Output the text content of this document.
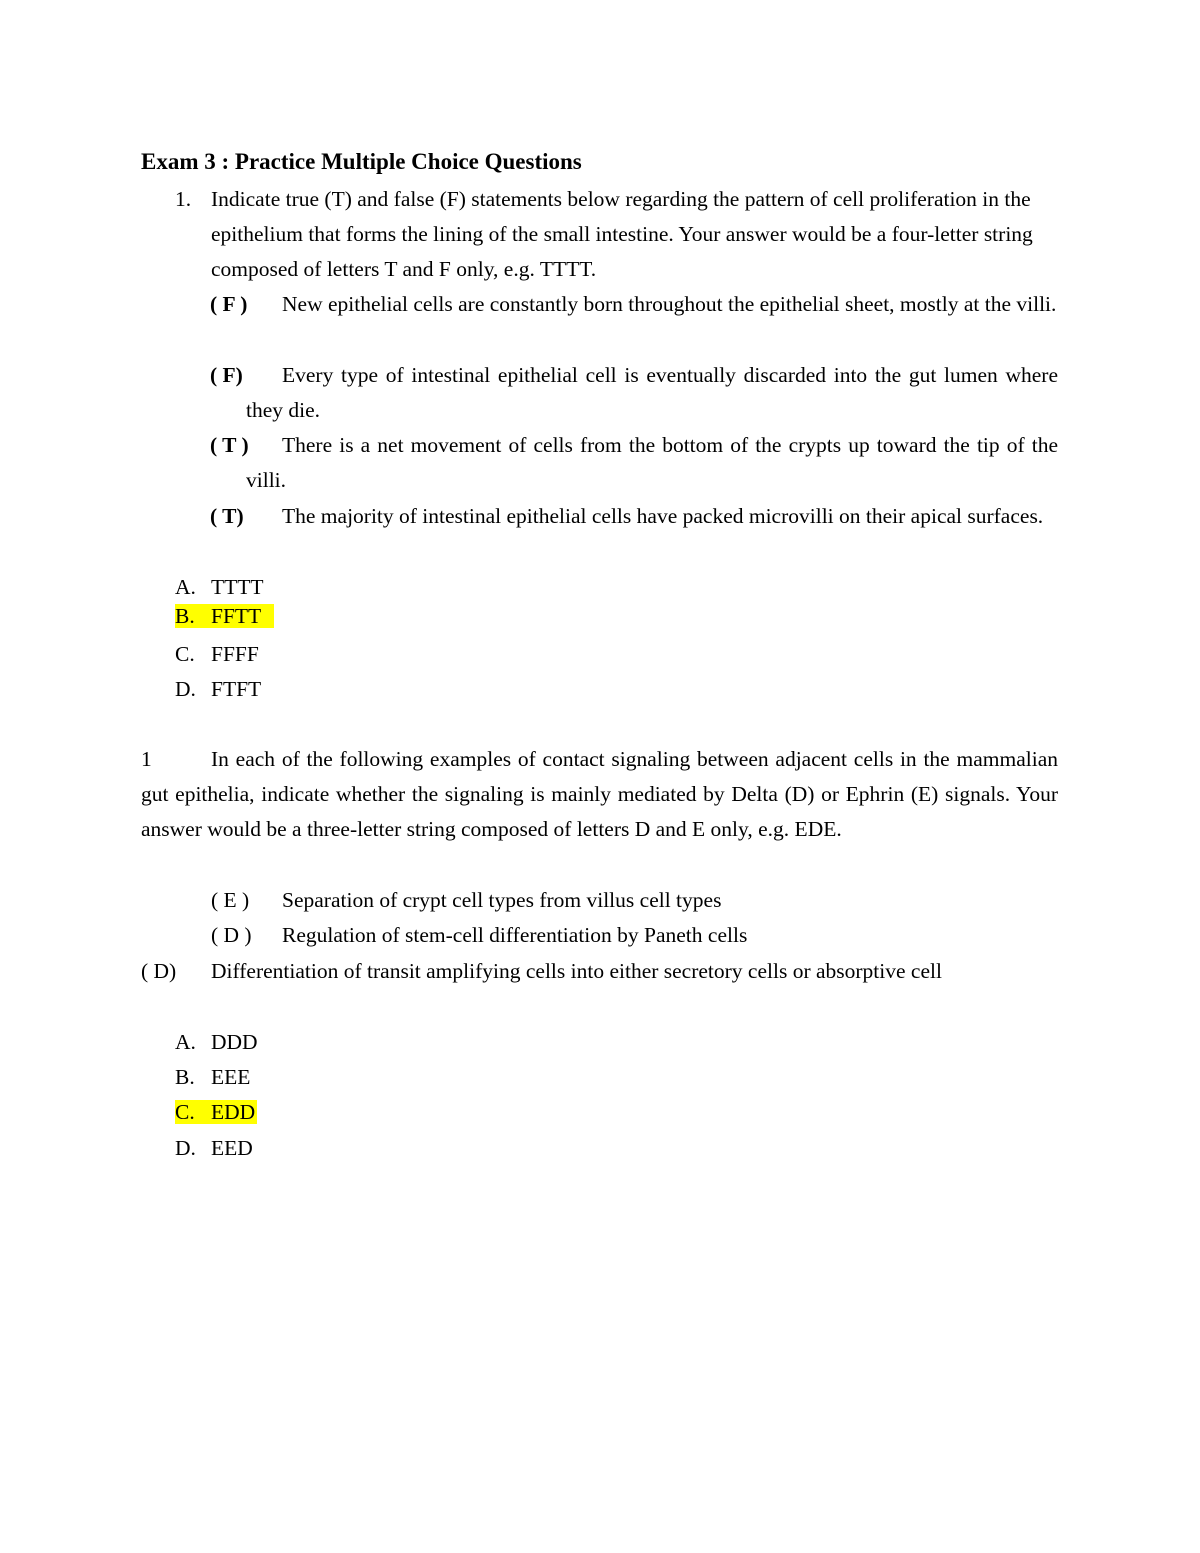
Exam 3 : Practice Multiple Choice Questions
1. Indicate true (T) and false (F) statements below regarding the pattern of cell proliferation in the epithelium that forms the lining of the small intestine. Your answer would be a four-letter string composed of letters T and F only, e.g. TTTT.
( F ) New epithelial cells are constantly born throughout the epithelial sheet, mostly at the villi.
( F) Every type of intestinal epithelial cell is eventually discarded into the gut lumen where they die.
( T ) There is a net movement of cells from the bottom of the crypts up toward the tip of the villi.
( T) The majority of intestinal epithelial cells have packed microvilli on their apical surfaces.
A. TTTT
B. FFTT
C. FFFF
D. FTFT
1	In each of the following examples of contact signaling between adjacent cells in the mammalian gut epithelia, indicate whether the signaling is mainly mediated by Delta (D) or Ephrin (E) signals. Your answer would be a three-letter string composed of letters D and E only, e.g. EDE.
( E ) Separation of crypt cell types from villus cell types
( D ) Regulation of stem-cell differentiation by Paneth cells
( D) Differentiation of transit amplifying cells into either secretory cells or absorptive cell
A. DDD
B. EEE
C. EDD
D. EED
